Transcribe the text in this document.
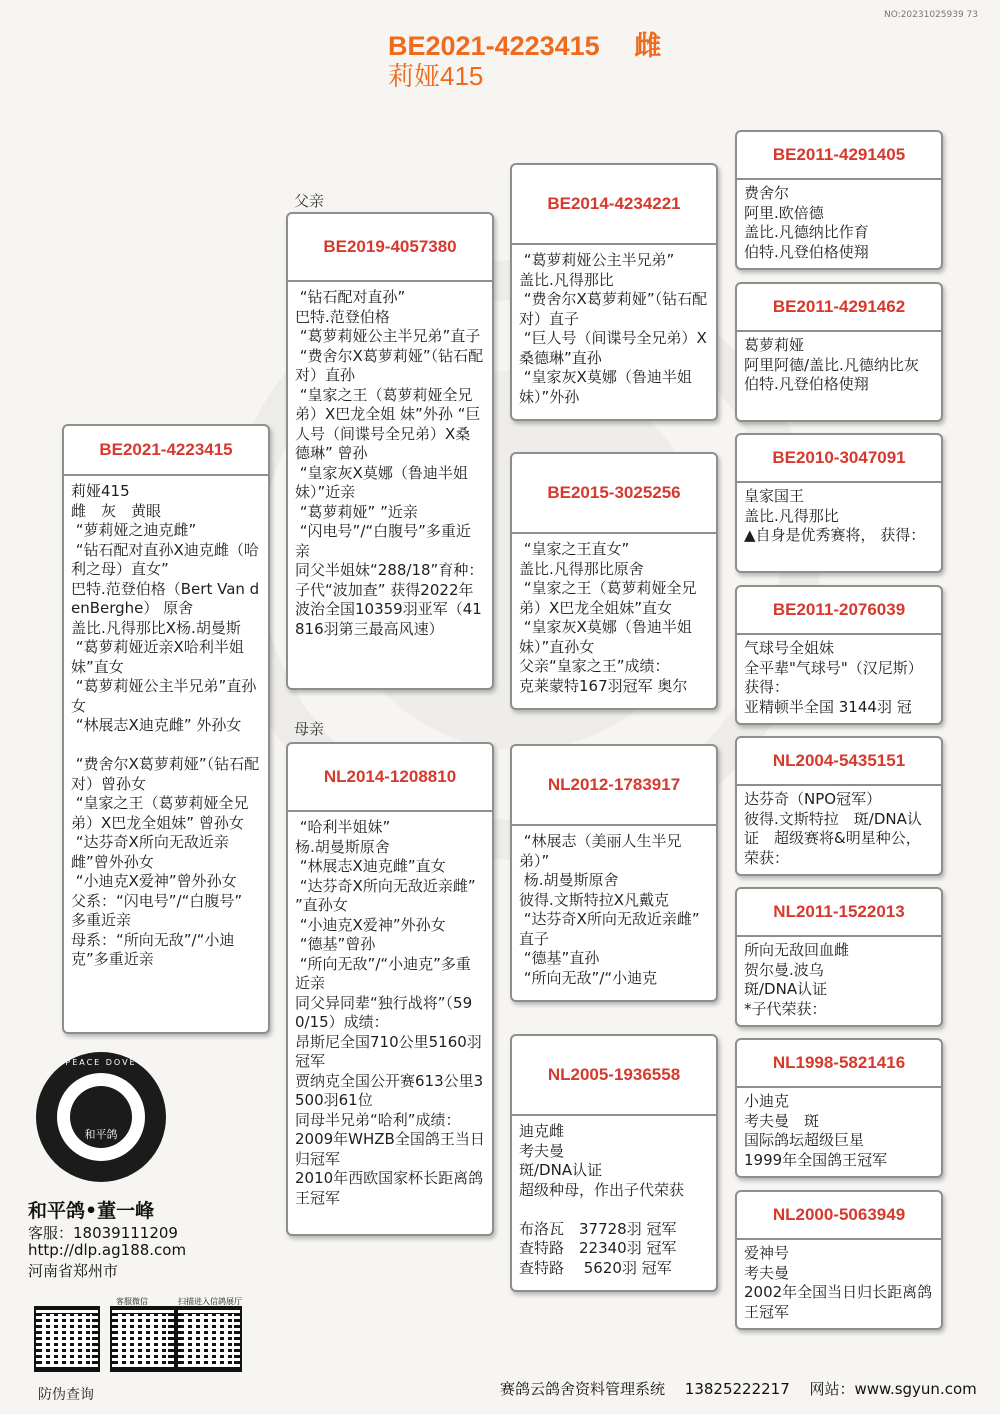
NO:20231025939 73
BE2021-4223415　 雌
莉娅415
BE2021-4223415
莉娅415
雌　灰　黄眼
“萝莉娅之迪克雌”
“钻石配对直孙X迪克雌（哈利之母）直女”
巴特.范登伯格（Bert Van denBerghe） 原舍
盖比.凡得那比X杨.胡曼斯
“葛萝莉娅近亲X哈利半姐妹”直女
“葛萝莉娅公主半兄弟”直孙女
“林展志X迪克雌” 外孙女

“费舍尔X葛萝莉娅”（钻石配对）曾孙女
“皇家之王（葛萝莉娅全兄弟）X巴龙全姐妹” 曾孙女
“达芬奇X所向无敌近亲雌”曾外孙女
“小迪克X爱神”曾外孙女
父系：“闪电号”/“白腹号” 多重近亲
母系：“所向无敌”/“小迪克”多重近亲
父亲
BE2019-4057380
“钻石配对直孙”
巴特.范登伯格
“葛萝莉娅公主半兄弟”直子
“费舍尔X葛萝莉娅”（钻石配对）直孙
“皇家之王（葛萝莉娅全兄弟）X巴龙全姐 妹”外孙 “巨人号（间谍号全兄弟）X桑德琳” 曾孙
“皇家灰X莫娜（鲁迪半姐妹）”近亲
“葛萝莉娅” ”近亲
“闪电号”/“白腹号”多重近亲
同父半姐妹“288/18”育种：子代“波加查” 获得2022年波治全国10359羽亚军（41816羽第三最高风速）
母亲
NL2014-1208810
“哈利半姐妹”
杨.胡曼斯原舍
“林展志X迪克雌”直女
“达芬奇X所向无敌近亲雌” ”直孙女
“小迪克X爱神”外孙女
“德基”曾孙
“所向无敌”/“小迪克”多重近亲
同父异同辈“独行战将”（590/15）成绩：
昂斯尼全国710公里5160羽冠军
贾纳克全国公开赛613公里3500羽61位
同母半兄弟“哈利”成绩：
2009年WHZB全国鸽王当日归冠军
2010年西欧国家杯长距离鸽王冠军
BE2014-4234221
“葛萝莉娅公主半兄弟”
盖比.凡得那比
“费舍尔X葛萝莉娅”（钻石配对）直子
“巨人号（间谍号全兄弟）X桑德琳”直孙
“皇家灰X莫娜（鲁迪半姐妹）”外孙
BE2015-3025256
“皇家之王直女”
盖比.凡得那比原舍
“皇家之王（葛萝莉娅全兄弟）X巴龙全姐妹”直女
“皇家灰X莫娜（鲁迪半姐妹）”直孙女
父亲“皇家之王”成绩：
克莱蒙特167羽冠军 奥尔
NL2012-1783917
“林展志（美丽人生半兄弟）”
杨.胡曼斯原舍
彼得.文斯特拉X凡戴克
“达芬奇X所向无敌近亲雌” 直子
“德基”直孙
“所向无敌”/“小迪克
NL2005-1936558
迪克雌
考夫曼
斑/DNA认证
超级种母，作出子代荣获

布洛瓦　37728羽 冠军
查特路　22340羽 冠军
查特路　 5620羽 冠军
BE2011-4291405
费舍尔
阿里.欧倍德
盖比.凡德纳比作育
伯特.凡登伯格使翔
BE2011-4291462
葛萝莉娅
阿里阿德/盖比.凡德纳比灰
伯特.凡登伯格使翔
BE2010-3047091
皇家国王
盖比.凡得那比
▲自身是优秀赛将， 获得：
BE2011-2076039
气球号全姐妹
全平辈"气球号"（汉尼斯）获得：
亚精顿半全国 3144羽 冠
NL2004-5435151
达芬奇（NPO冠军）
彼得.文斯特拉　斑/DNA认证　超级赛将&明星种公，荣获：
NL2011-1522013
所向无敌回血雌
贺尔曼.波乌
斑/DNA认证
*子代荣获：
NL1998-5821416
小迪克
考夫曼　斑
国际鸽坛超级巨星
1999年全国鸽王冠军
NL2000-5063949
爱神号
考夫曼
2002年全国当日归长距离鸽王冠军
PEACE DOVE
和平鸽
和平鸽•董一峰
客服：18039111209
http://dlp.ag188.com
河南省郑州市
客服微信	扫描进入信鸽展厅
防伪查询	赛鸽云鸽舍资料管理系统　 13825222217　 网站：www.sgyun.com
